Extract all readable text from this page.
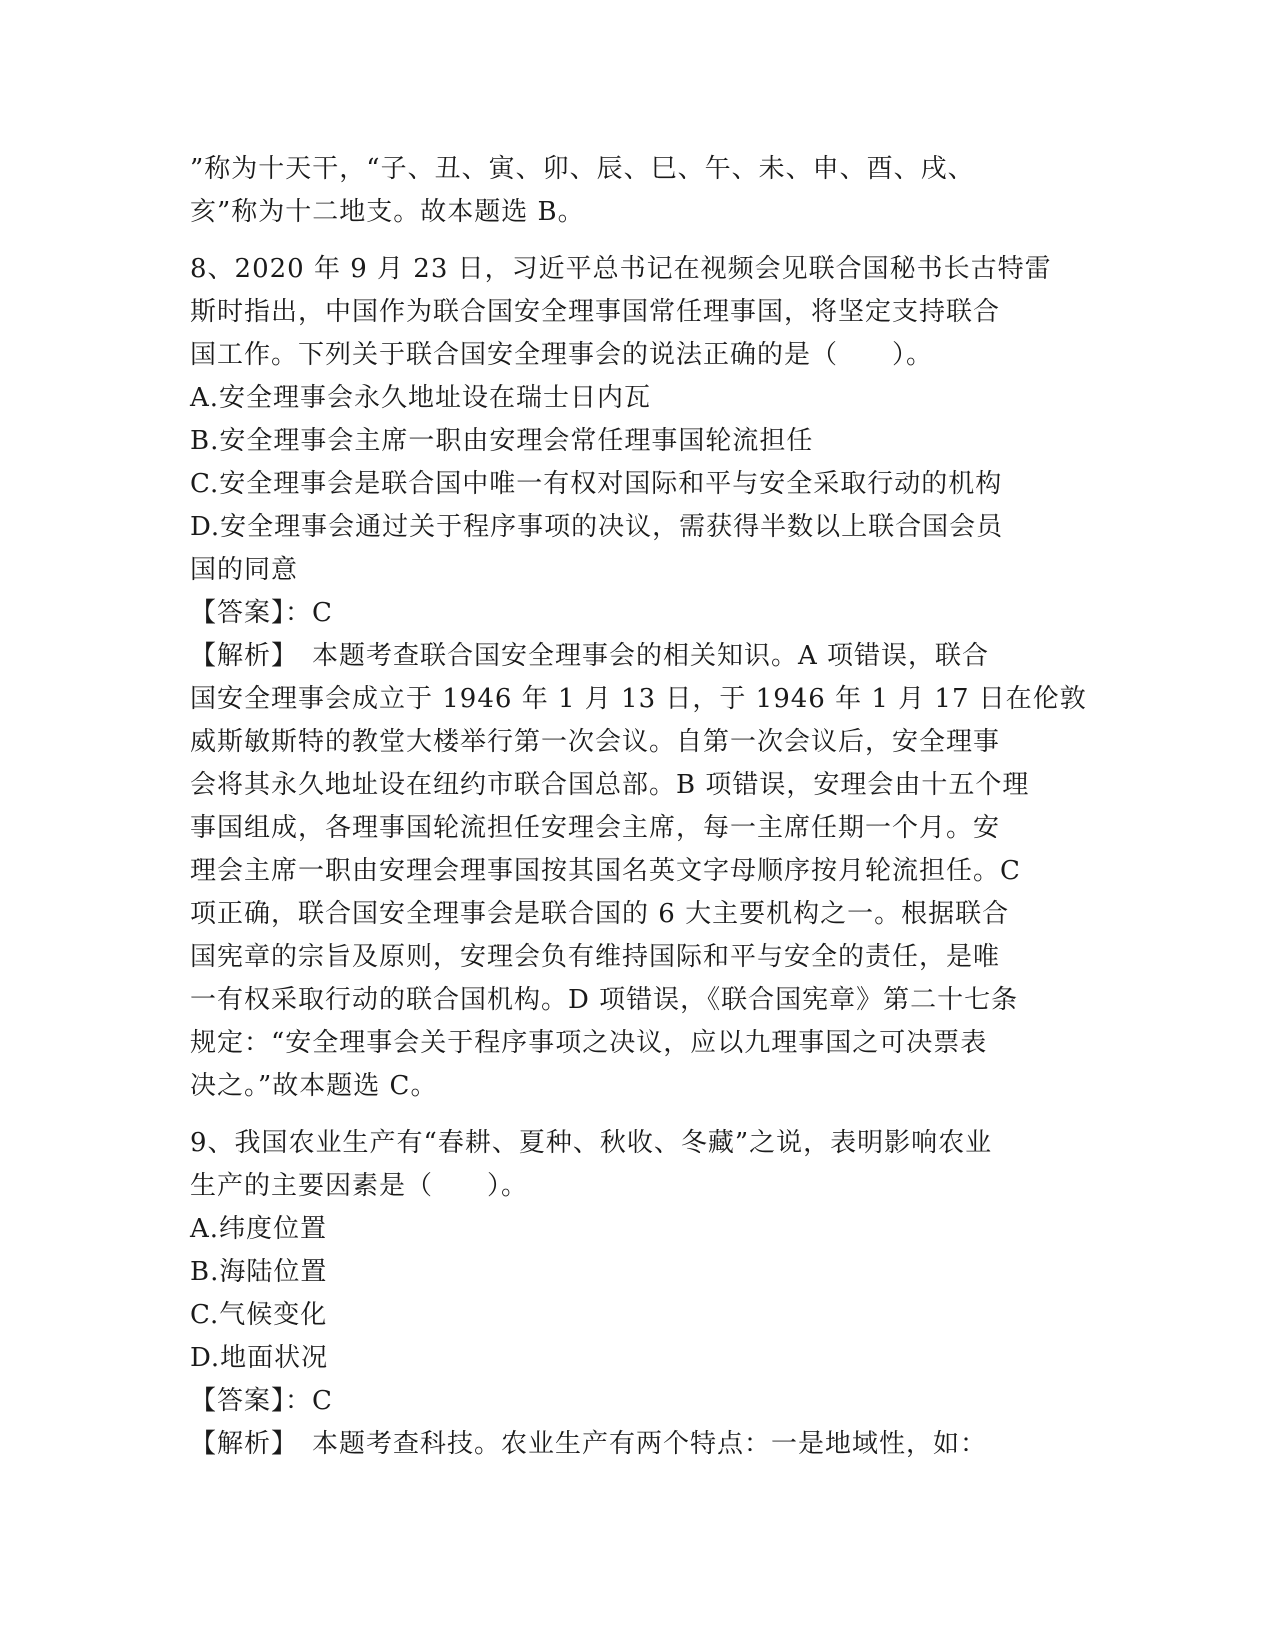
”称为十天干，“子、丑、寅、卯、辰、巳、午、未、申、酉、戌、
亥”称为十二地支。故本题选 B。
8、2020 年 9 月 23 日，习近平总书记在视频会见联合国秘书长古特雷
斯时指出，中国作为联合国安全理事国常任理事国，将坚定支持联合
国工作。下列关于联合国安全理事会的说法正确的是（　　）。
A.安全理事会永久地址设在瑞士日内瓦
B.安全理事会主席一职由安理会常任理事国轮流担任
C.安全理事会是联合国中唯一有权对国际和平与安全采取行动的机构
D.安全理事会通过关于程序事项的决议，需获得半数以上联合国会员
国的同意
【答案】：C
【解析】　本题考查联合国安全理事会的相关知识。A 项错误，联合
国安全理事会成立于 1946 年 1 月 13 日，于 1946 年 1 月 17 日在伦敦
威斯敏斯特的教堂大楼举行第一次会议。自第一次会议后，安全理事
会将其永久地址设在纽约市联合国总部。B 项错误，安理会由十五个理
事国组成，各理事国轮流担任安理会主席，每一主席任期一个月。安
理会主席一职由安理会理事国按其国名英文字母顺序按月轮流担任。C
项正确，联合国安全理事会是联合国的 6 大主要机构之一。根据联合
国宪章的宗旨及原则，安理会负有维持国际和平与安全的责任，是唯
一有权采取行动的联合国机构。D 项错误，《联合国宪章》第二十七条
规定：“安全理事会关于程序事项之决议，应以九理事国之可决票表
决之。”故本题选 C。
9、我国农业生产有“春耕、夏种、秋收、冬藏”之说，表明影响农业
生产的主要因素是（　　）。
A.纬度位置
B.海陆位置
C.气候变化
D.地面状况
【答案】：C
【解析】　本题考查科技。农业生产有两个特点：一是地域性，如：
